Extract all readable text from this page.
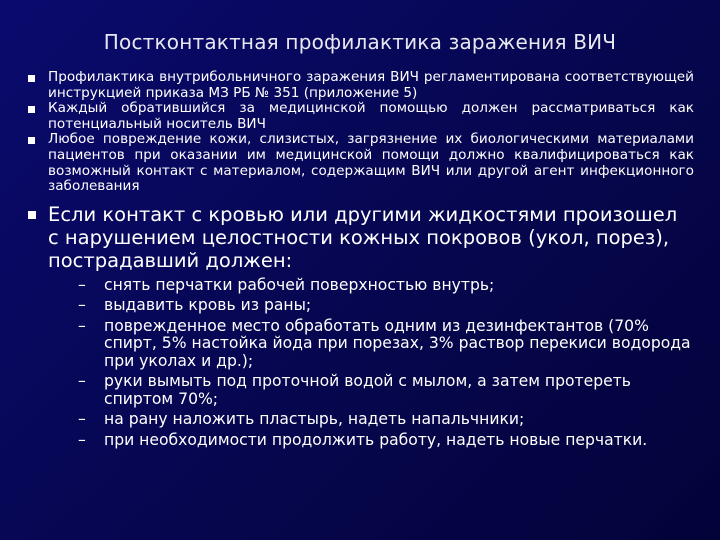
Постконтактная профилактика заражения ВИЧ
Профилактика внутрибольничного заражения ВИЧ регламентирована соответствующей инструкцией приказа МЗ РБ № 351 (приложение 5)
Каждый обратившийся за медицинской помощью должен рассматриваться как потенциальный носитель ВИЧ
Любое повреждение кожи, слизистых, загрязнение их биологическими материалами пациентов при оказании им медицинской помощи должно квалифицироваться как возможный контакт с материалом, содержащим ВИЧ или другой агент инфекционного заболевания
Если контакт с кровью или другими жидкостями произошел с нарушением целостности кожных покровов (укол, порез), пострадавший должен:
– снять перчатки рабочей поверхностью внутрь;
– выдавить кровь из раны;
– поврежденное место обработать одним из дезинфектантов (70% спирт, 5% настойка йода при порезах, 3% раствор перекиси водорода при уколах и др.);
– руки вымыть под проточной водой с мылом, а затем протереть спиртом 70%;
– на рану наложить пластырь, надеть напальчники;
– при необходимости продолжить работу, надеть новые перчатки.
